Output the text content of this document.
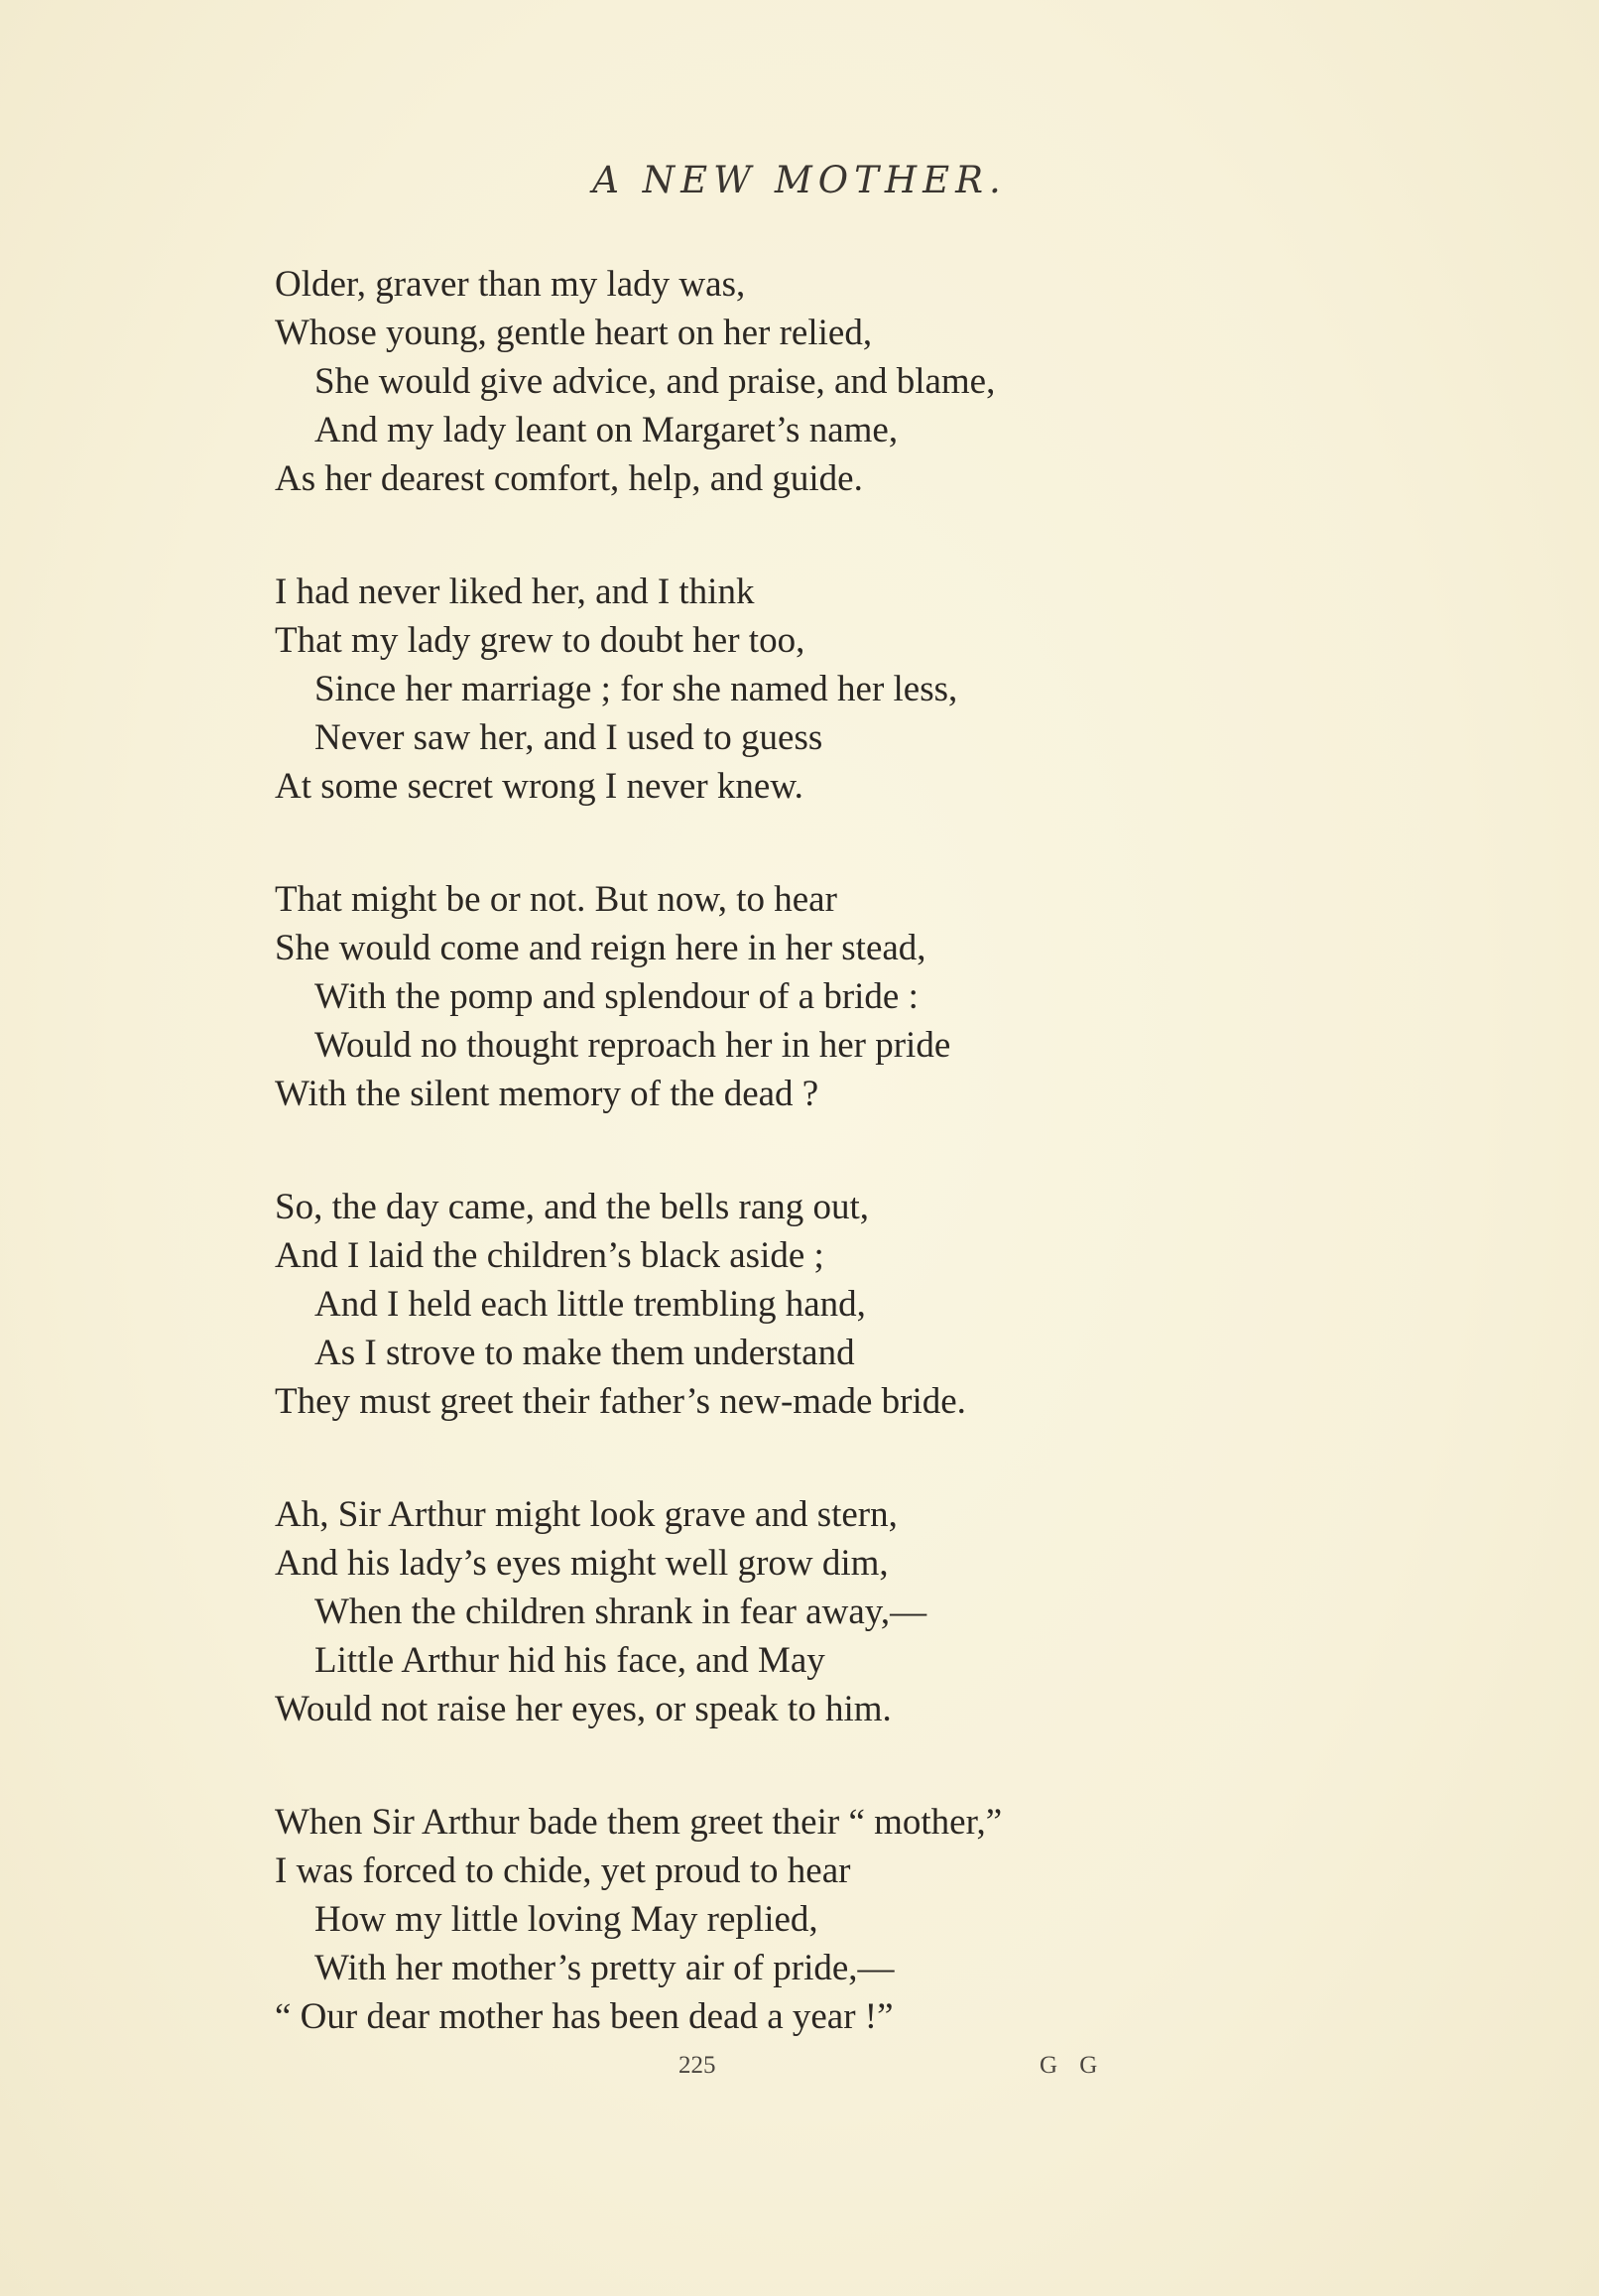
A NEW MOTHER.
Older, graver than my lady was,
Whose young, gentle heart on her relied,
She would give advice, and praise, and blame,
And my lady leant on Margaret’s name,
As her dearest comfort, help, and guide.
I had never liked her, and I think
That my lady grew to doubt her too,
Since her marriage ; for she named her less,
Never saw her, and I used to guess
At some secret wrong I never knew.
That might be or not. But now, to hear
She would come and reign here in her stead,
With the pomp and splendour of a bride :
Would no thought reproach her in her pride
With the silent memory of the dead ?
So, the day came, and the bells rang out,
And I laid the children’s black aside ;
And I held each little trembling hand,
As I strove to make them understand
They must greet their father’s new-made bride.
Ah, Sir Arthur might look grave and stern,
And his lady’s eyes might well grow dim,
When the children shrank in fear away,—
Little Arthur hid his face, and May
Would not raise her eyes, or speak to him.
When Sir Arthur bade them greet their “ mother,”
I was forced to chide, yet proud to hear
How my little loving May replied,
With her mother’s pretty air of pride,—
“ Our dear mother has been dead a year !”
225	G G
